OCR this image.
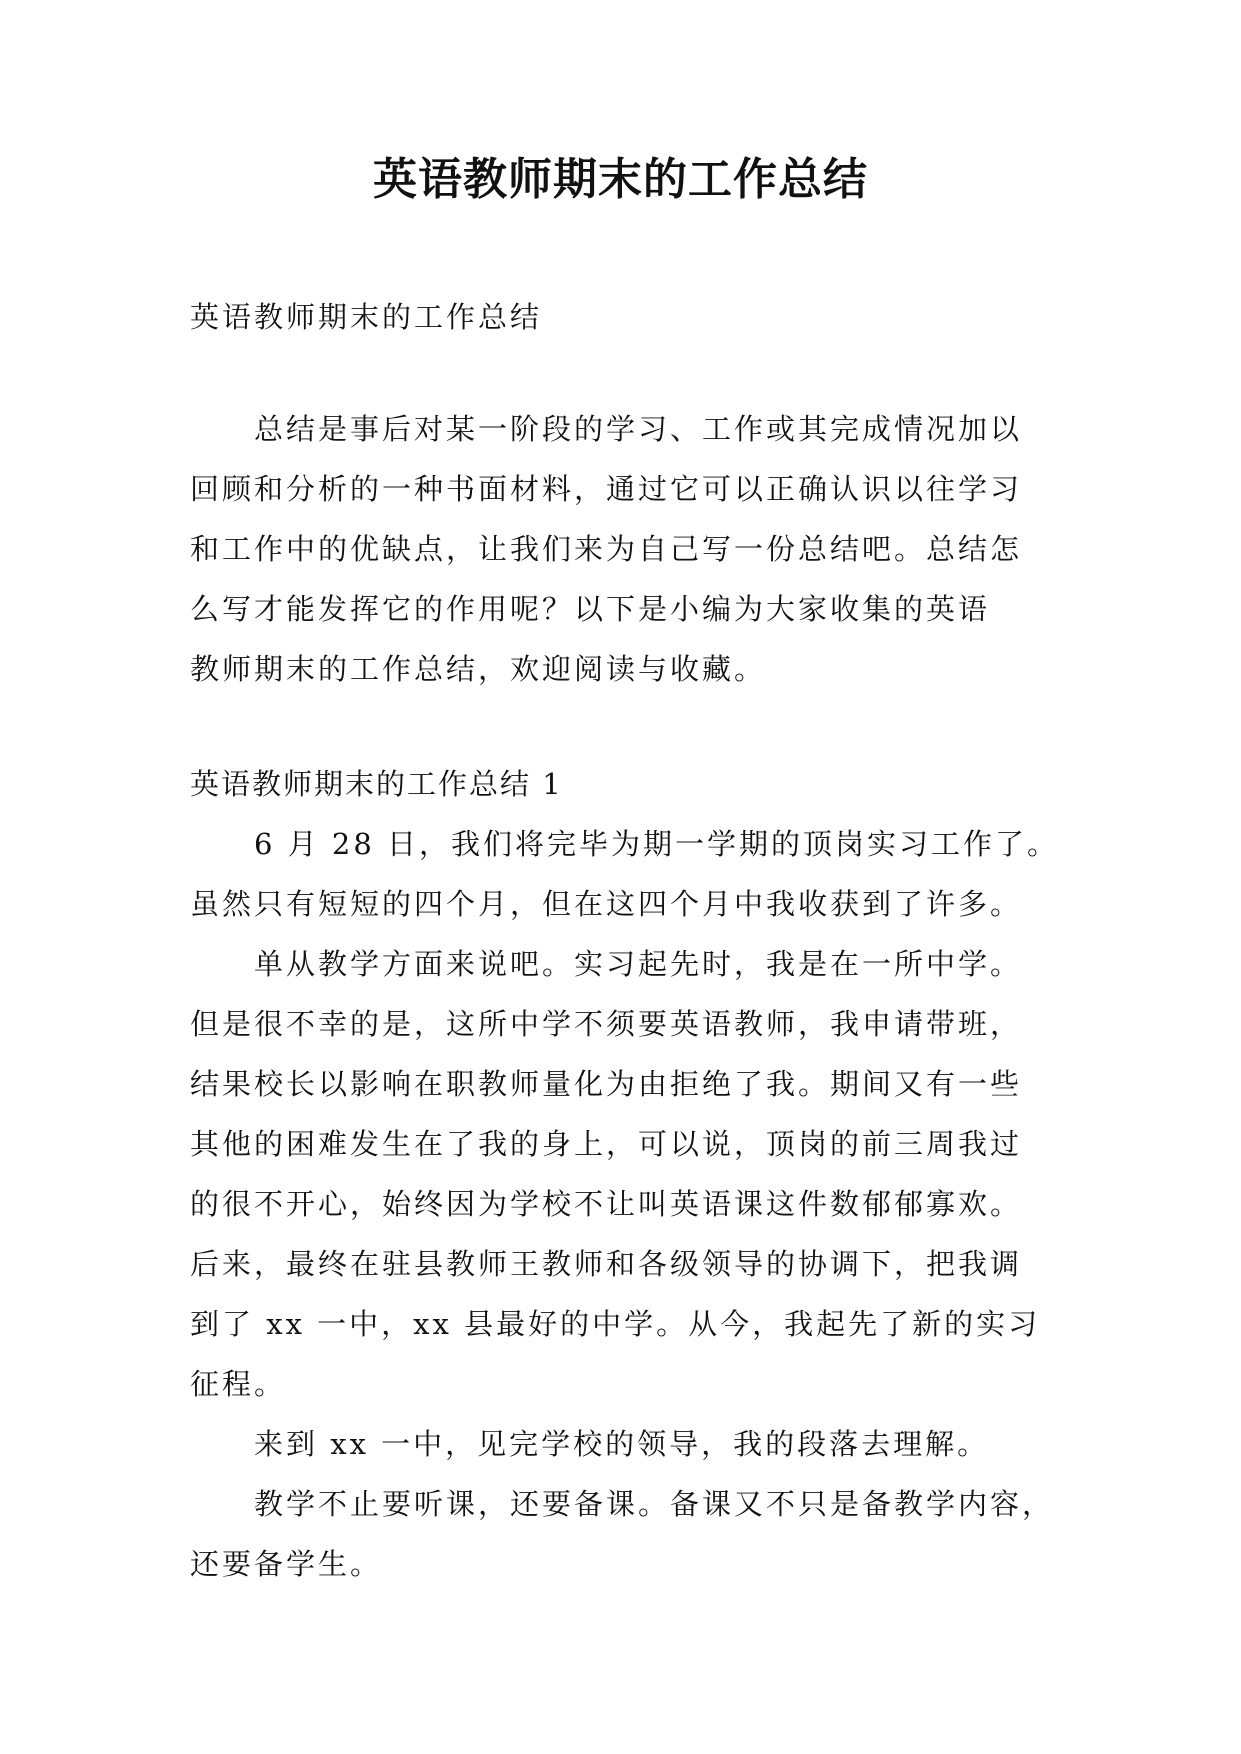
英语教师期末的工作总结
英语教师期末的工作总结
总结是事后对某一阶段的学习、工作或其完成情况加以
回顾和分析的一种书面材料，通过它可以正确认识以往学习
和工作中的优缺点，让我们来为自己写一份总结吧。总结怎
么写才能发挥它的作用呢？以下是小编为大家收集的英语
教师期末的工作总结，欢迎阅读与收藏。
英语教师期末的工作总结 1
6 月 28 日，我们将完毕为期一学期的顶岗实习工作了。
虽然只有短短的四个月，但在这四个月中我收获到了许多。
单从教学方面来说吧。实习起先时，我是在一所中学。
但是很不幸的是，这所中学不须要英语教师，我申请带班，
结果校长以影响在职教师量化为由拒绝了我。期间又有一些
其他的困难发生在了我的身上，可以说，顶岗的前三周我过
的很不开心，始终因为学校不让叫英语课这件数郁郁寡欢。
后来，最终在驻县教师王教师和各级领导的协调下，把我调
到了 xx 一中，xx 县最好的中学。从今，我起先了新的实习
征程。
来到 xx 一中，见完学校的领导，我的段落去理解。
教学不止要听课，还要备课。备课又不只是备教学内容，
还要备学生。
